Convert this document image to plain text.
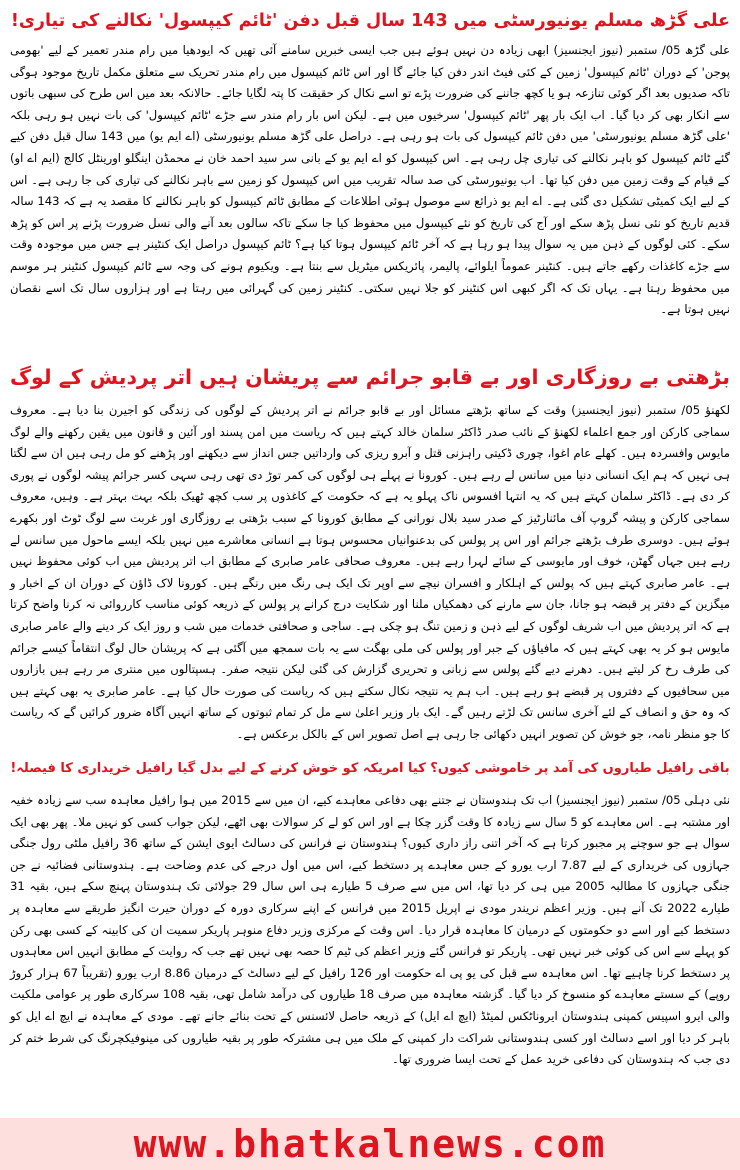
علی گڑھ مسلم یونیورسٹی میں 143 سال قبل دفن 'ٹائم کیپسول' نکالنے کی تیاری!

علی گڑھ 05/ ستمبر (نیوز ایجنسیز) ابھی زیادہ دن نہیں ہوئے ہیں جب ایسی خبریں سامنے آئی تھیں کہ ایودھیا میں رام مندر تعمیر کے لیے 'بھومی پوجن' کے دوران 'ٹائم کیپسول' زمین کے کئی فیٹ اندر دفن کیا جائے گا اور اس ٹائم کیپسول میں رام مندر تحریک سے متعلق مکمل تاریخ موجود ہوگی تاکہ صدیوں بعد اگر کوئی تنازعہ ہو یا کچھ جاننے کی ضرورت پڑے تو اسے نکال کر حقیقت کا پتہ لگایا جائے۔ حالانکہ بعد میں اس طرح کی سبھی باتوں سے انکار بھی کر دیا گیا۔ اب ایک بار پھر 'ٹائم کیپسول' سرخیوں میں ہے۔ لیکن اس بار رام مندر سے جڑے 'ٹائم کیپسول' کی بات نہیں ہو رہی بلکہ 'علی گڑھ مسلم یونیورسٹی' میں دفن ٹائم کیپسول کی بات ہو رہی ہے۔ دراصل علی گڑھ مسلم یونیورسٹی (اے ایم یو) میں 143 سال قبل دفن کیے گئے ٹائم کیپسول کو باہر نکالنے کی تیاری چل رہی ہے۔ اس کیپسول کو اے ایم یو کے بانی سر سید احمد خان نے محمڈن اینگلو اورینٹل کالج (ایم اے او) کے قیام کے وقت زمین میں دفن کیا تھا۔ اب یونیورسٹی کی صد سالہ تقریب میں اس کیپسول کو زمین سے باہر نکالنے کی تیاری کی جا رہی ہے۔ اس کے لیے ایک کمیٹی تشکیل دی گئی ہے۔ اے ایم یو ذرائع سے موصول ہوئی اطلاعات کے مطابق ٹائم کیپسول کو باہر نکالنے کا مقصد یہ ہے کہ 143 سالہ قدیم تاریخ کو نئی نسل پڑھ سکے اور آج کی تاریخ کو نئے کیپسول میں محفوظ کیا جا سکے تاکہ سالوں بعد آنے والی نسل ضرورت پڑنے پر اس کو پڑھ سکے۔ کئی لوگوں کے ذہن میں یہ سوال پیدا ہو رہا ہے کہ آخر ٹائم کیپسول ہوتا کیا ہے؟ ٹائم کیپسول دراصل ایک کنٹینر ہے جس میں موجودہ وقت سے جڑے کاغذات رکھے جاتے ہیں۔ کنٹینر عموماً ایلوائے، پالیمر، پائریکس میٹریل سے بنتا ہے۔ ویکیوم ہونے کی وجہ سے ٹائم کیپسول کنٹینر ہر موسم میں محفوظ رہتا ہے۔ یہاں تک کہ اگر کبھی اس کنٹینر کو جلا نہیں سکتی۔ کنٹینر زمین کی گہرائی میں رہتا ہے اور ہزاروں سال تک اسے نقصان نہیں ہوتا ہے۔

بڑھتی بے روزگاری اور بے قابو جرائم سے پریشان ہیں اتر پردیش کے لوگ

لکھنؤ 05/ ستمبر (نیوز ایجنسیز) وقت کے ساتھ بڑھتے مسائل اور بے قابو جرائم نے اتر پردیش کے لوگوں کی زندگی کو اجیرن بنا دیا ہے۔ معروف سماجی کارکن اور جمع اعلماء لکھنؤ کے نائب صدر ڈاکٹر سلمان خالد کہتے ہیں کہ ریاست میں امن پسند اور آئین و قانون میں یقین رکھنے والے لوگ مایوس وافسردہ ہیں۔ کھلے عام اغوا، چوری ڈکیتی راہزنی قتل و آبرو ریزی کی وارداتیں جس انداز سے دیکھنے اور پڑھنے کو مل رہی ہیں ان سے لگتا ہی نہیں کہ ہم ایک انسانی دنیا میں سانس لے رہے ہیں۔ کورونا نے پہلے ہی لوگوں کی کمر توڑ دی تھی رہی سہی کسر جرائم پیشہ لوگوں نے پوری کر دی ہے۔ ڈاکٹر سلمان کہتے ہیں کہ یہ انتہا افسوس ناک پہلو یہ ہے کہ حکومت کے کاغذوں پر سب کچھ ٹھیک بلکہ بہت بہتر ہے۔ وہیں، معروف سماجی کارکن و پیشہ گروپ آف مائنارٹیز کے صدر سید بلال نورانی کے مطابق کورونا کے سبب بڑھتی بے روزگاری اور غربت سے لوگ ٹوٹ اور بکھرے ہوئے ہیں۔ دوسری طرف بڑھتے جرائم اور اس پر پولس کی بدعنوانیاں محسوس ہوتا ہے انسانی معاشرے میں نہیں بلکہ ایسے ماحول میں سانس لے رہے ہیں جہاں گھٹن، خوف اور مایوسی کے سائے لہرا رہے ہیں۔ معروف صحافی عامر صابری کے مطابق اب اتر پردیش میں اب کوئی محفوظ نہیں ہے۔ عامر صابری کہتے ہیں کہ پولس کے اہلکار و افسران نیچے سے اوپر تک ایک ہی رنگ میں رنگے ہیں۔ کورونا لاک ڈاؤن کے دوران ان کے اخبار و میگزین کے دفتر پر قبضہ ہو جانا، جان سے مارنے کی دھمکیاں ملنا اور شکایت درج کرانے پر پولس کے ذریعہ کوئی مناسب کارروائی نہ کرنا واضح کرتا ہے کہ اتر پردیش میں اب شریف لوگوں کے لیے ذہن و زمین تنگ ہو چکی ہے۔ ساجی و صحافتی خدمات میں شب و روز ایک کر دینے والے عامر صابری مایوس ہو کر یہ بھی کہتے ہیں کہ مافیاؤں کے جبر اور پولس کی ملی بھگت سے یہ بات سمجھ میں آگئی ہے کہ پریشان حال لوگ انتقاماً کیسے جرائم کی طرف رخ کر لیتے ہیں۔ دھرنے دیے گئے پولس سے زبانی و تحریری گزارش کی گئی لیکن نتیجہ صفر۔ ہسپتالوں میں منتری مر رہے ہیں بازاروں میں سحافیوں کے دفتروں پر قبضے ہو رہے ہیں۔ اب ہم یہ نتیجہ نکال سکتے ہیں کہ ریاست کی صورت حال کیا ہے۔ عامر صابری یہ بھی کہتے ہیں کہ وہ حق و انصاف کے لئے آخری سانس تک لڑتے رہیں گے۔ ایک بار وزیر اعلیٰ سے مل کر تمام ثبوتوں کے ساتھ انہیں آگاہ ضرور کرائیں گے کہ ریاست کا جو منظر نامہ، جو خوش کن تصویر انہیں دکھائی جا رہی ہے اصل تصویر اس کے بالکل برعکس ہے۔

باقی رافیل طیاروں کی آمد پر خاموشی کیوں؟ کیا امریکہ کو خوش کرنے کے لیے بدل گیا رافیل خریداری کا فیصلہ!

نئی دہلی 05/ ستمبر (نیوز ایجنسیز) اب تک ہندوستان نے جتنے بھی دفاعی معاہدے کیے، ان میں سے 2015 میں ہوا رافیل معاہدہ سب سے زیادہ خفیہ اور مشتبہ ہے۔ اس معاہدے کو 5 سال سے زیادہ کا وقت گزر چکا ہے اور اس کو لے کر سوالات بھی اٹھے، لیکن جواب کسی کو نہیں ملا۔ پھر بھی ایک سوال ہے جو سوچنے پر مجبور کرتا ہے کہ آخر اتنی راز داری کیوں؟ ہندوستان نے فرانس کی دسالٹ ایوی ایشن کے ساتھ 36 رافیل ملٹی رول جنگی جہازوں کی خریداری کے لیے 7.87 ارب یورو کے جس معاہدے پر دستخط کیے، اس میں اول درجے کی عدم وضاحت ہے۔ ہندوستانی فضائیہ نے جن جنگی جہازوں کا مطالبہ 2005 میں ہی کر دیا تھا، اس میں سے صرف 5 طیارے ہی اس سال 29 جولائی تک ہندوستان پہنچ سکے ہیں، بقیہ 31 طیارے 2022 تک آنے ہیں۔ وزیر اعظم نریندر مودی نے اپریل 2015 میں فرانس کے اپنے سرکاری دورہ کے دوران حیرت انگیز طریقے سے معاہدہ پر دستخط کیے اور اسے دو حکومتوں کے درمیان کا معاہدہ قرار دیا۔ اس وقت کے مرکزی وزیر دفاع منوہر پاریکر سمیت ان کی کابینہ کے کسی بھی رکن کو پہلے سے اس کی کوئی خبر نہیں تھی۔ پاریکر تو فرانس گئے وزیر اعظم کی ٹیم کا حصہ بھی نہیں تھے جب کہ روایت کے مطابق انہیں اس معاہدوں پر دستخط کرنا چاہیے تھا۔ اس معاہدہ سے قبل کی یو پی اے حکومت اور 126 رافیل کے لیے دسالٹ کے درمیان 8.86 ارب یورو (تقریباً 67 ہزار کروڑ روپے) کے سستے معاہدے کو منسوخ کر دیا گیا۔ گزشتہ معاہدہ میں صرف 18 طیاروں کی درآمد شامل تھی، بقیہ 108 سرکاری طور پر عوامی ملکیت والی ایرو اسپیس کمپنی ہندوستان ایروناٹکس لمیٹڈ (ایچ اے ایل) کے ذریعہ حاصل لائسنس کے تحت بنائے جانے تھے۔ مودی کے معاہدہ نے ایچ اے ایل کو باہر کر دیا اور اسے دسالٹ اور کسی ہندوستانی شراکت دار کمپنی کے ملک میں ہی مشترکہ طور پر بقیہ طیاروں کی مینوفیکچرنگ کی شرط ختم کر دی جب کہ ہندوستان کی دفاعی خرید عمل کے تحت ایسا ضروری تھا۔

www.bhatkalnews.com
